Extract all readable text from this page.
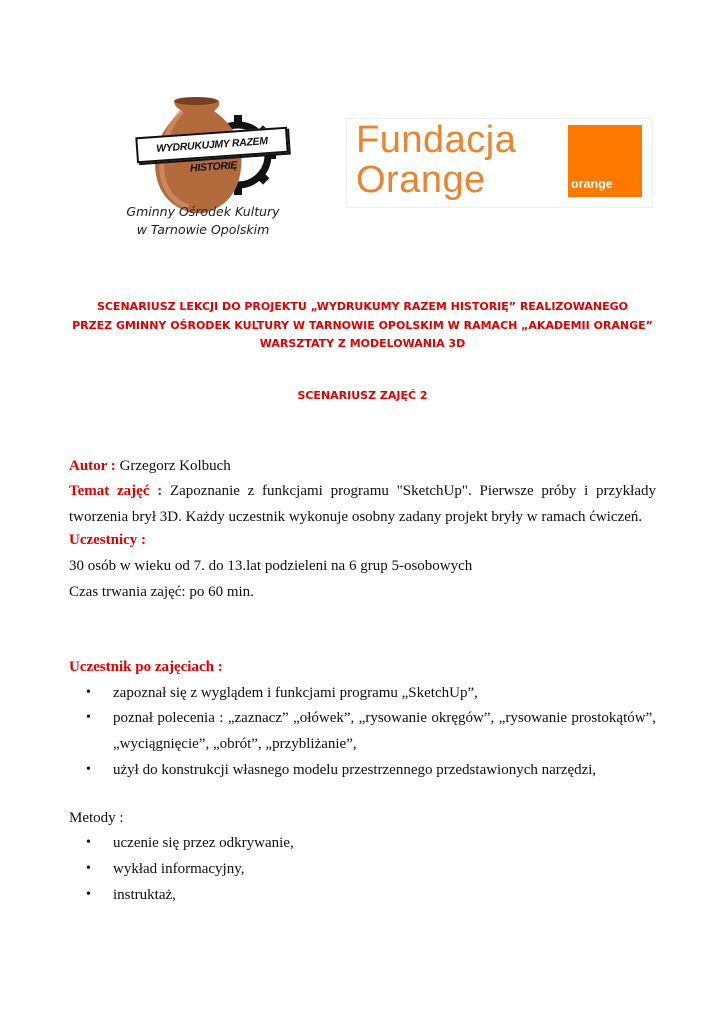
WYDRUKUJMY RAZEM HISTORIĘ
Gminny Ośrodek Kultury
w Tarnowie Opolskim
Fundacja
Orange	orange	™
SCENARIUSZ LEKCJI DO PROJEKTU „WYDRUKUMY RAZEM HISTORIĘ” REALIZOWANEGO
PRZEZ GMINNY OŚRODEK KULTURY W TARNOWIE OPOLSKIM W RAMACH „AKADEMII ORANGE”
WARSZTATY Z MODELOWANIA 3D
SCENARIUSZ ZAJĘĆ 2
Autor : Grzegorz Kolbuch
Temat zajęć : Zapoznanie z funkcjami programu "SketchUp". Pierwsze próby i przykłady tworzenia brył 3D. Każdy uczestnik wykonuje osobny zadany projekt bryły w ramach ćwiczeń.
Uczestnicy :
30 osób w wieku od 7. do 13.lat podzieleni na 6 grup 5-osobowych
Czas trwania zajęć: po 60 min.
Uczestnik po zajęciach :
• zapoznał się z wyglądem i funkcjami programu „SketchUp”,
• poznał polecenia : „zaznacz” „ołówek”, „rysowanie okręgów”, „rysowanie prostokątów”, „wyciągnięcie”, „obrót”, „przybliżanie”,
• użył do konstrukcji własnego modelu przestrzennego przedstawionych narzędzi,
Metody :
• uczenie się przez odkrywanie,
• wykład informacyjny,
• instruktaż,
